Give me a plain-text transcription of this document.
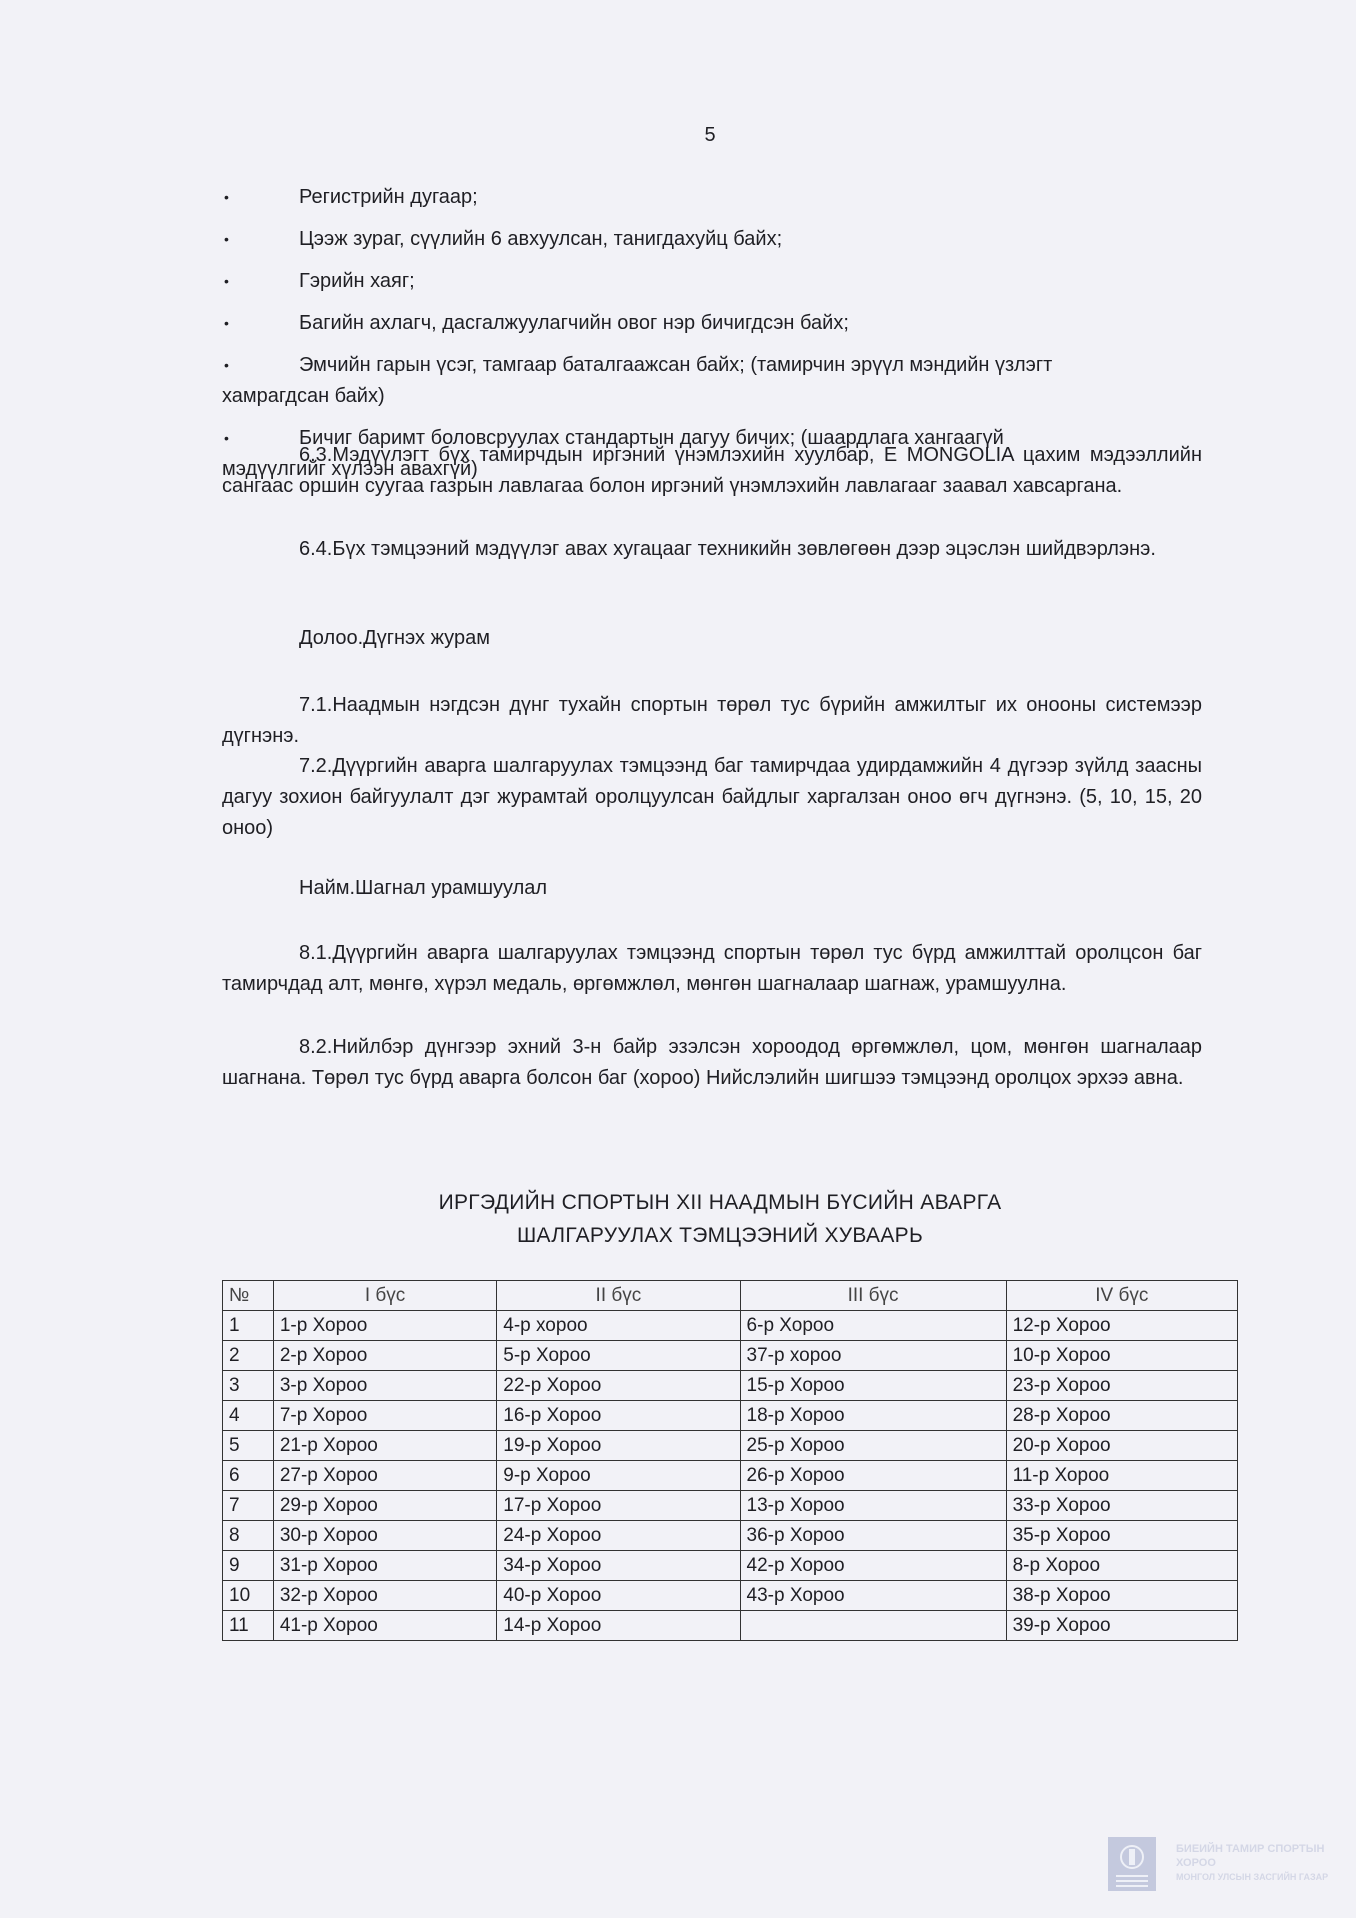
5
•	Регистрийн дугаар;
•	Цээж зураг, сүүлийн 6 авхуулсан, танигдахуйц байх;
•	Гэрийн хаяг;
•	Багийн ахлагч, дасгалжуулагчийн овог нэр бичигдсэн байх;
•	Эмчийн гарын үсэг, тамгаар баталгаажсан байх; (тамирчин эрүүл мэндийн үзлэгт
хамрагдсан байх)
•	Бичиг баримт боловсруулах стандартын дагуу бичих; (шаардлага хангаагүй
мэдүүлгийг хүлээн авахгүй)
6.3.Мэдүүлэгт бүх тамирчдын иргэний үнэмлэхийн хуулбар, E MONGOLIA цахим мэдээллийн сангаас оршин суугаа газрын лавлагаа болон иргэний үнэмлэхийн лавлагааг заавал хавсаргана.
6.4.Бүх тэмцээний мэдүүлэг авах хугацааг техникийн зөвлөгөөн дээр эцэслэн шийдвэрлэнэ.
Долоо.Дүгнэх журам
7.1.Наадмын нэгдсэн дүнг тухайн спортын төрөл тус бүрийн амжилтыг их онооны системээр дүгнэнэ.
7.2.Дүүргийн аварга шалгаруулах тэмцээнд баг тамирчдаа удирдамжийн 4 дүгээр зүйлд заасны дагуу зохион байгуулалт дэг журамтай оролцуулсан байдлыг харгалзан оноо өгч дүгнэнэ. (5, 10, 15, 20 оноо)
Найм.Шагнал урамшуулал
8.1.Дүүргийн аварга шалгаруулах тэмцээнд спортын төрөл тус бүрд амжилттай оролцсон баг тамирчдад алт, мөнгө, хүрэл медаль, өргөмжлөл, мөнгөн шагналаар шагнаж, урамшуулна.
8.2.Нийлбэр дүнгээр эхний 3-н байр эзэлсэн хороодод өргөмжлөл, цом, мөнгөн шагналаар шагнана. Төрөл тус бүрд аварга болсон баг (хороо) Нийслэлийн шигшээ тэмцээнд оролцох эрхээ авна.
ИРГЭДИЙН СПОРТЫН XII НААДМЫН БҮСИЙН АВАРГА
ШАЛГАРУУЛАХ ТЭМЦЭЭНИЙ ХУВААРЬ
№	I бүс	II бүс	III бүс	IV бүс
1	1-р Хороо	4-р хороо	6-р Хороо	12-р Хороо
2	2-р Хороо	5-р Хороо	37-р хороо	10-р Хороо
3	3-р Хороо	22-р Хороо	15-р Хороо	23-р Хороо
4	7-р Хороо	16-р Хороо	18-р Хороо	28-р Хороо
5	21-р Хороо	19-р Хороо	25-р Хороо	20-р Хороо
6	27-р Хороо	9-р Хороо	26-р Хороо	11-р Хороо
7	29-р Хороо	17-р Хороо	13-р Хороо	33-р Хороо
8	30-р Хороо	24-р Хороо	36-р Хороо	35-р Хороо
9	31-р Хороо	34-р Хороо	42-р Хороо	8-р Хороо
10	32-р Хороо	40-р Хороо	43-р Хороо	38-р Хороо
11	41-р Хороо	14-р Хороо		39-р Хороо
БИЕИЙН ТАМИР СПОРТЫН ХОРОО
МОНГОЛ УЛСЫН ЗАСГИЙН ГАЗАР
